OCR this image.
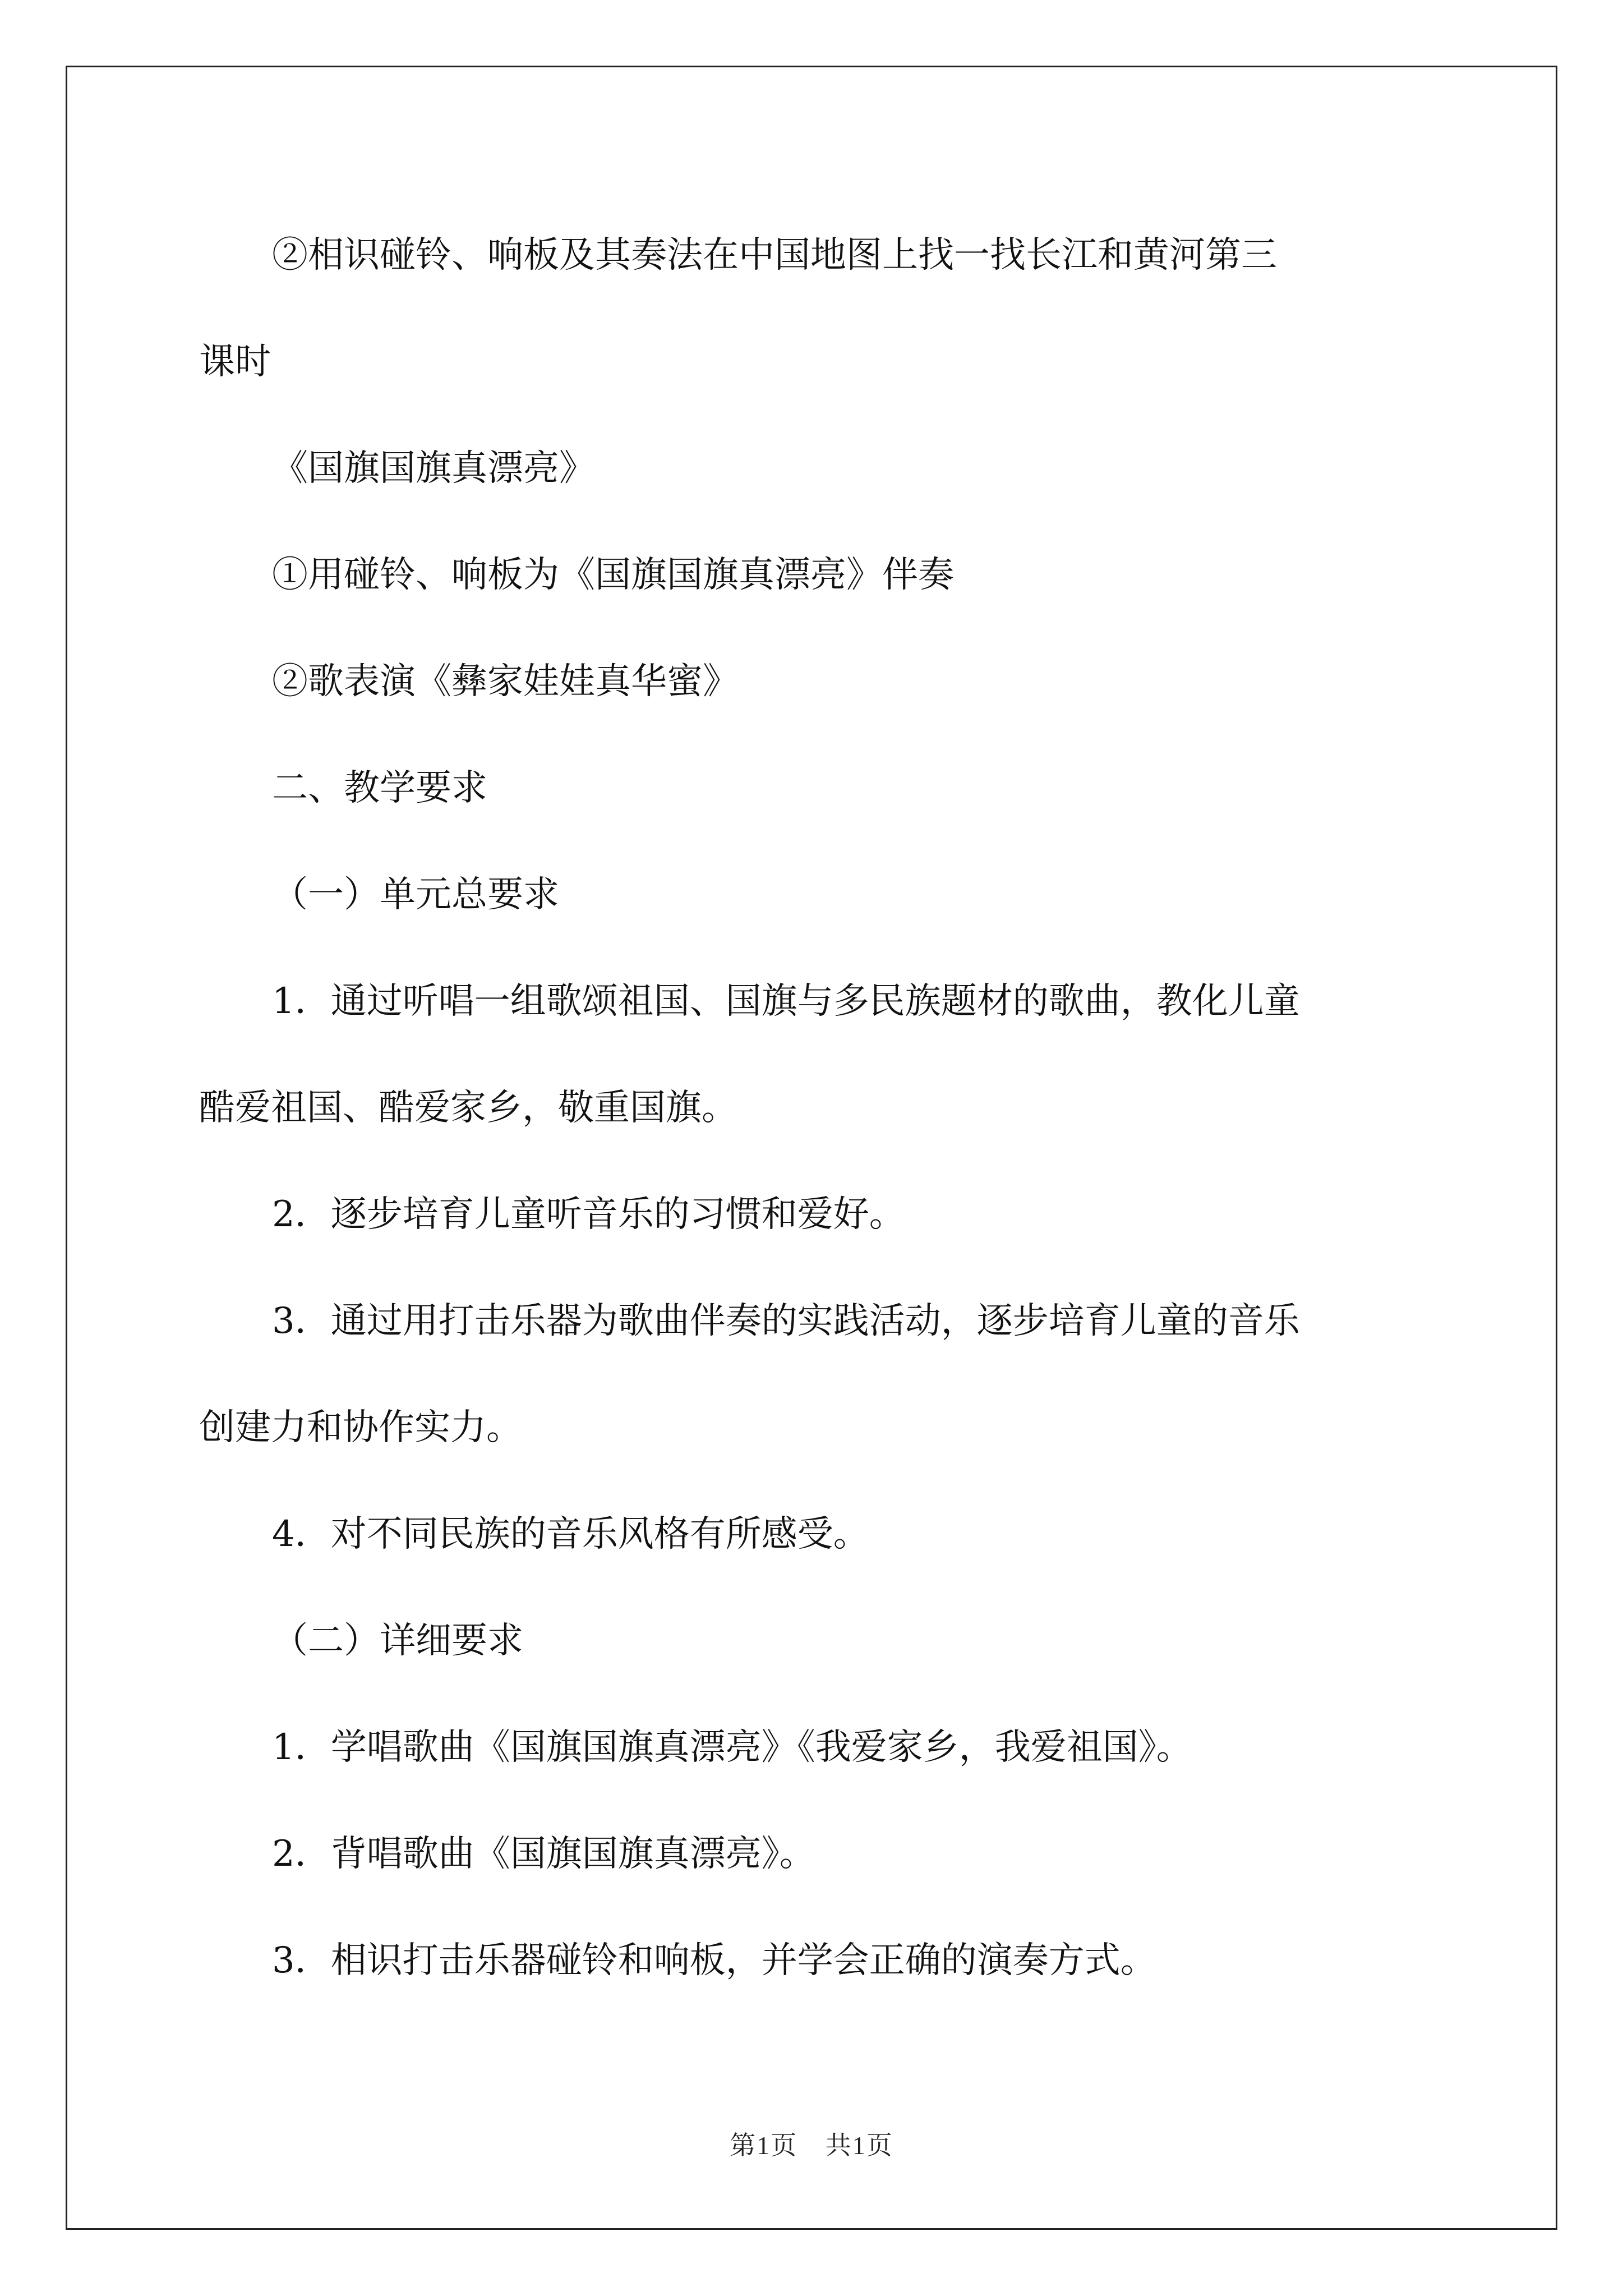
②相识碰铃、响板及其奏法在中国地图上找一找长江和黄河第三

课时

《国旗国旗真漂亮》

①用碰铃、响板为《国旗国旗真漂亮》伴奏

②歌表演《彝家娃娃真华蜜》

二、教学要求

（一）单元总要求

1．通过听唱一组歌颂祖国、国旗与多民族题材的歌曲，教化儿童

酷爱祖国、酷爱家乡，敬重国旗。

2．逐步培育儿童听音乐的习惯和爱好。

3．通过用打击乐器为歌曲伴奏的实践活动，逐步培育儿童的音乐

创建力和协作实力。

4．对不同民族的音乐风格有所感受。

（二）详细要求

1．学唱歌曲《国旗国旗真漂亮》《我爱家乡，我爱祖国》。

2．背唱歌曲《国旗国旗真漂亮》。

3．相识打击乐器碰铃和响板，并学会正确的演奏方式。

第1页 共1页
